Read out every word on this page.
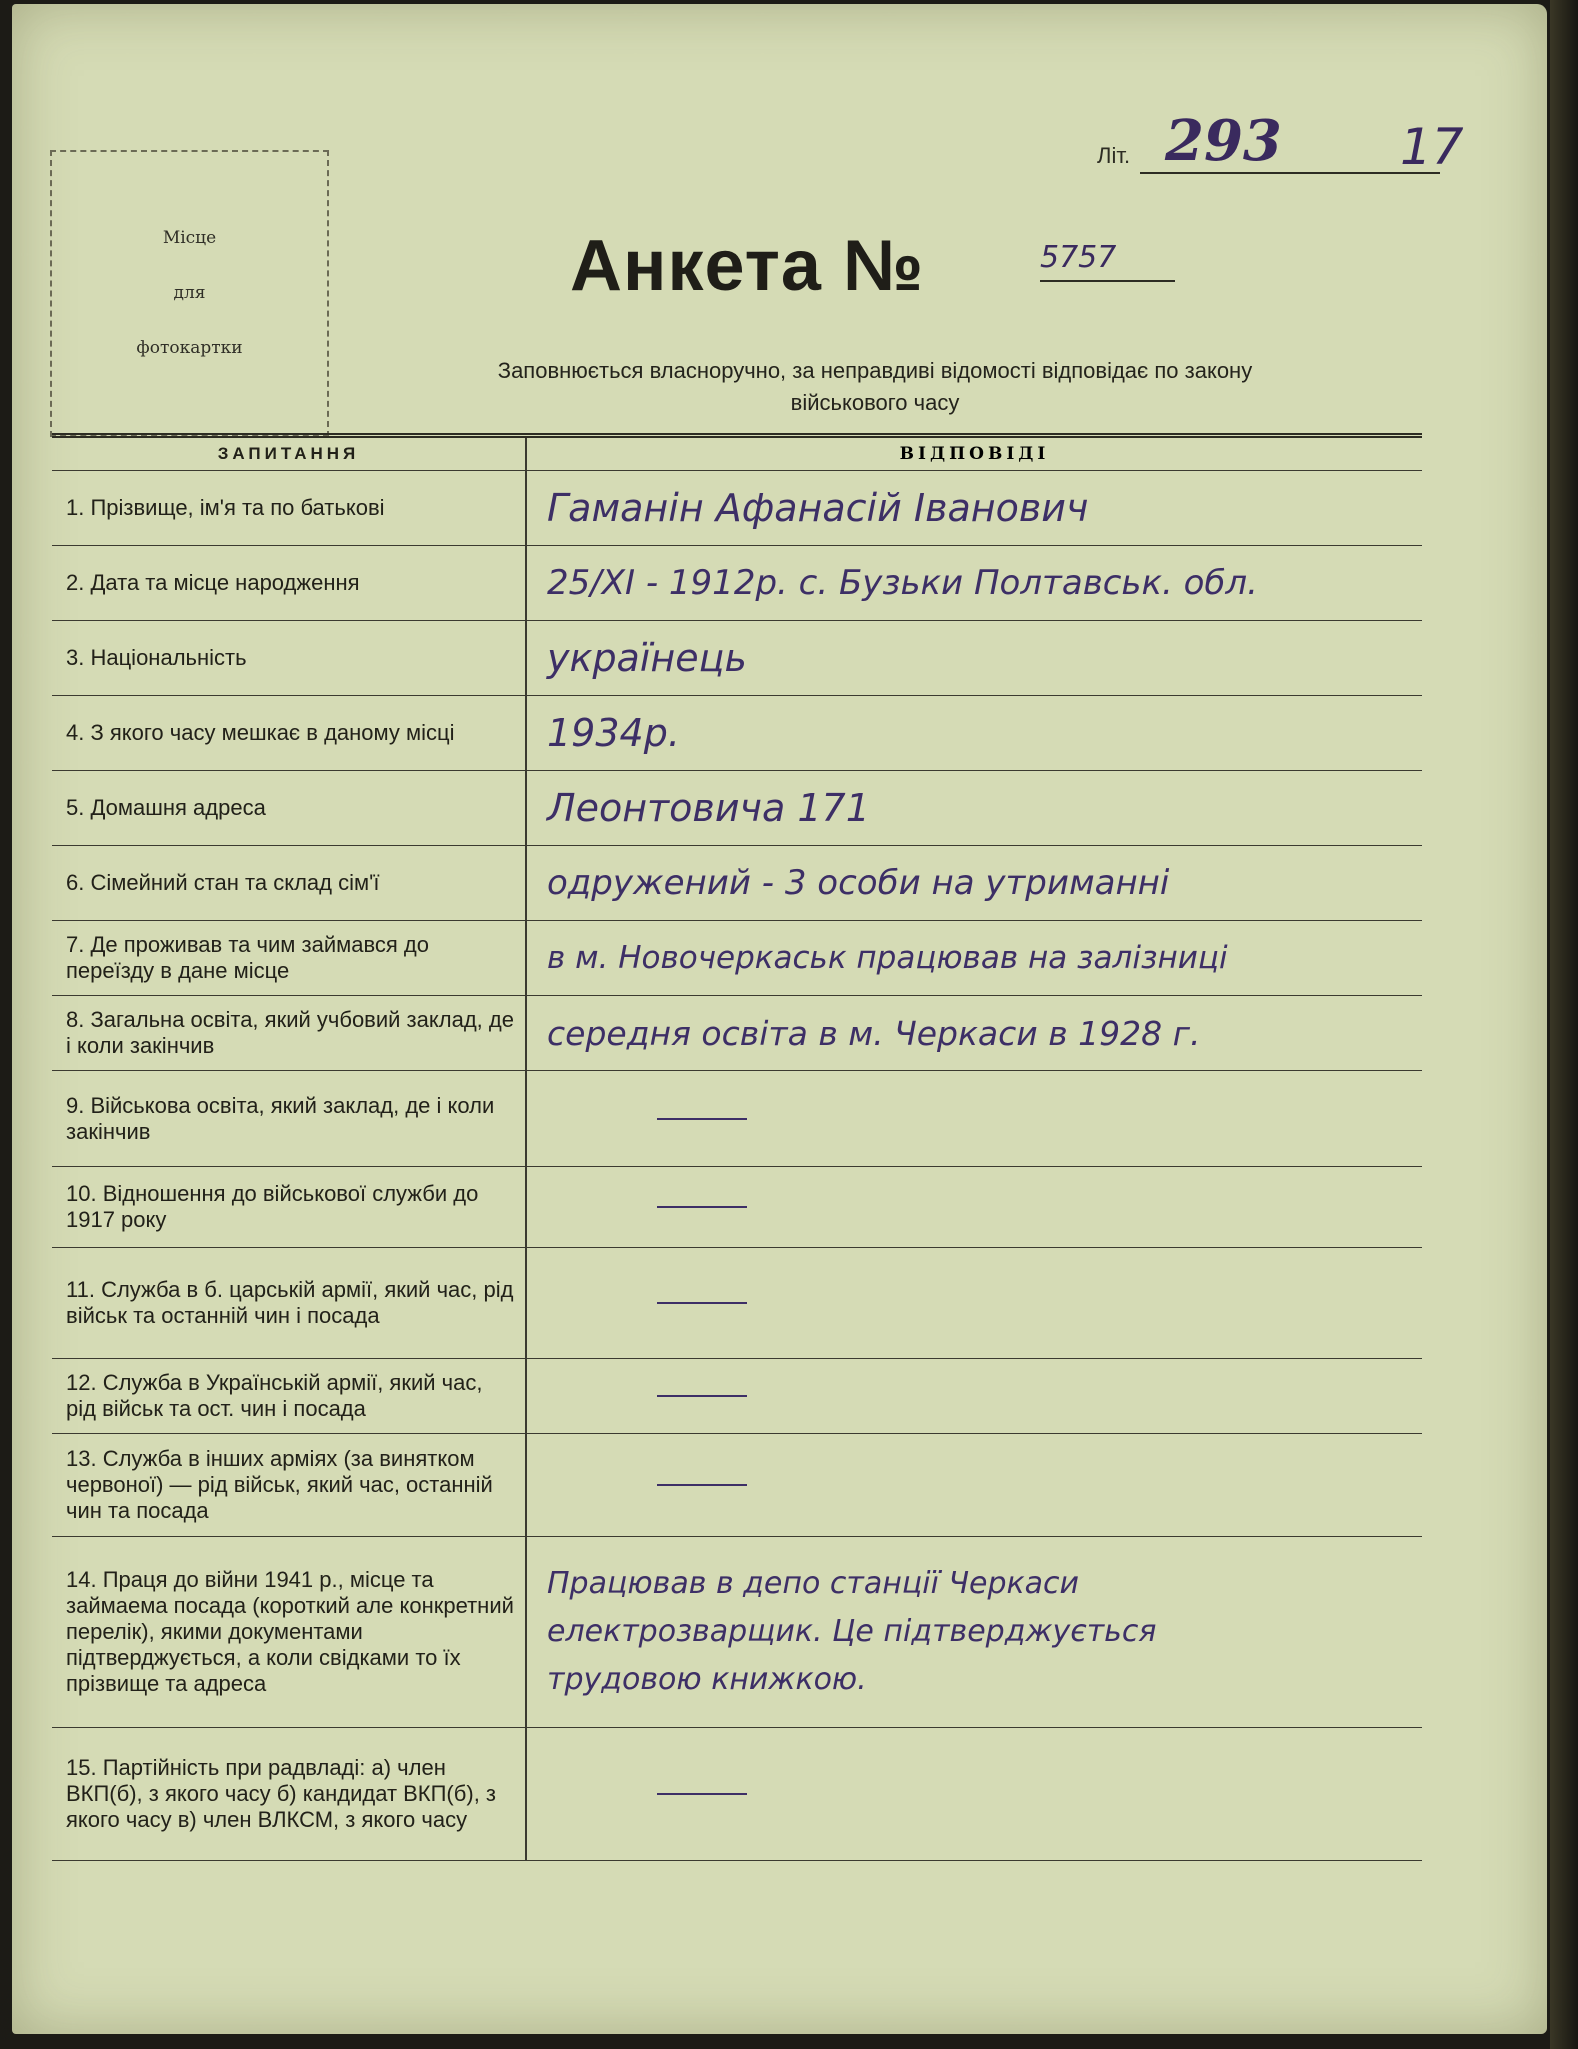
Місце
для
фотокартки
Літ. 293 17
Анкета №	5757
Заповнюється власноручно, за неправдиві відомості відповідає по закону
військового часу
ЗАПИТАННЯ	ВІДПОВІДІ
1. Прізвище, ім'я та по батькові	Гаманін Афанасій Іванович
2. Дата та місце народження	25/XI - 1912р. с. Бузьки Полтавськ. обл.
3. Національність	українець
4. З якого часу мешкає в даному місці	1934р.
5. Домашня адреса	Леонтовича 171
6. Сімейний стан та склад сім'ї	одружений - 3 особи на утриманні
7. Де проживав та чим займався до переїзду в дане місце	в м. Новочеркаськ працював на залізниці
8. Загальна освіта, який учбовий заклад, де і коли закінчив	середня освіта в м. Черкаси в 1928 г.
9. Військова освіта, який заклад, де і коли закінчив
10. Відношення до військової служби до 1917 року
11. Служба в б. царській армії, який час, рід військ та останній чин і посада
12. Служба в Українській армії, який час, рід військ та ост. чин і посада
13. Служба в інших арміях (за винятком червоної) — рід військ, який час, останній чин та посада
14. Праця до війни 1941 р., місце та займаема посада (короткий але конкретний перелік), якими документами підтверджується, а коли свідками то їх прізвище та адреса
Працював в депо станції Черкаси
електрозварщик. Це підтверджується
трудовою книжкою.
15. Партійність при радвладі: а) член ВКП(б), з якого часу б) кандидат ВКП(б), з якого часу в) член ВЛКСМ, з якого часу
